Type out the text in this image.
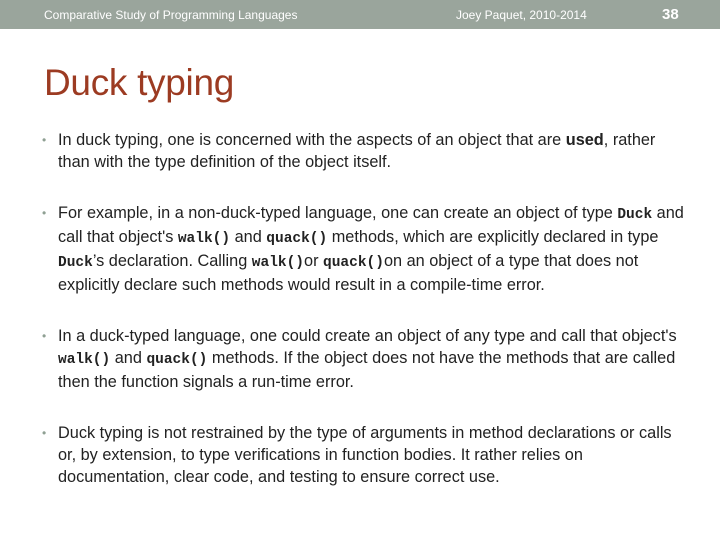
Comparative Study of Programming Languages	Joey Paquet, 2010-2014	38
Duck typing
• In duck typing, one is concerned with the aspects of an object that are used, rather than with the type definition of the object itself.
• For example, in a non-duck-typed language, one can create an object of type Duck and call that object's walk() and quack() methods, which are explicitly declared in type Duck’s declaration. Calling walk()or quack()on an object of a type that does not explicitly declare such methods would result in a compile-time error.
• In a duck-typed language, one could create an object of any type and call that object's walk() and quack() methods. If the object does not have the methods that are called then the function signals a run-time error.
• Duck typing is not restrained by the type of arguments in method declarations or calls or, by extension, to type verifications in function bodies. It rather relies on documentation, clear code, and testing to ensure correct use.
